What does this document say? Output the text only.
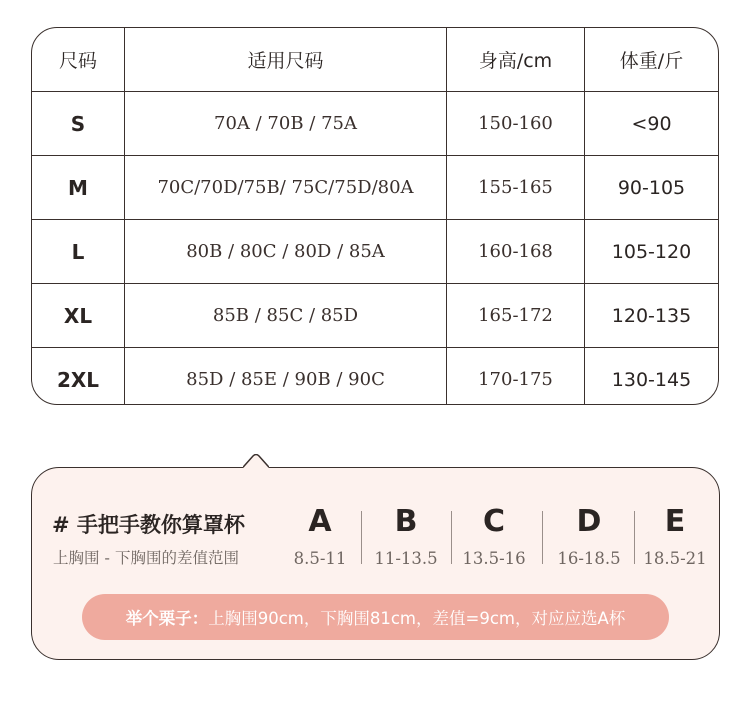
尺码	适用尺码	身高/cm	体重/斤
S	70A / 70B / 75A	150-160	<90
M	70C/70D/75B/ 75C/75D/80A	155-165	90-105
L	80B / 80C / 80D / 85A	160-168	105-120
XL	85B / 85C / 85D	165-172	120-135
2XL	85D / 85E / 90B / 90C	170-175	130-145
# 手把手教你算罩杯
上胸围 - 下胸围的差值范围
A
8.5-11
B
11-13.5
C
13.5-16
D
16-18.5
E
18.5-21
举个栗子： 上胸围90cm，下胸围81cm，差值=9cm，对应应选A杯
